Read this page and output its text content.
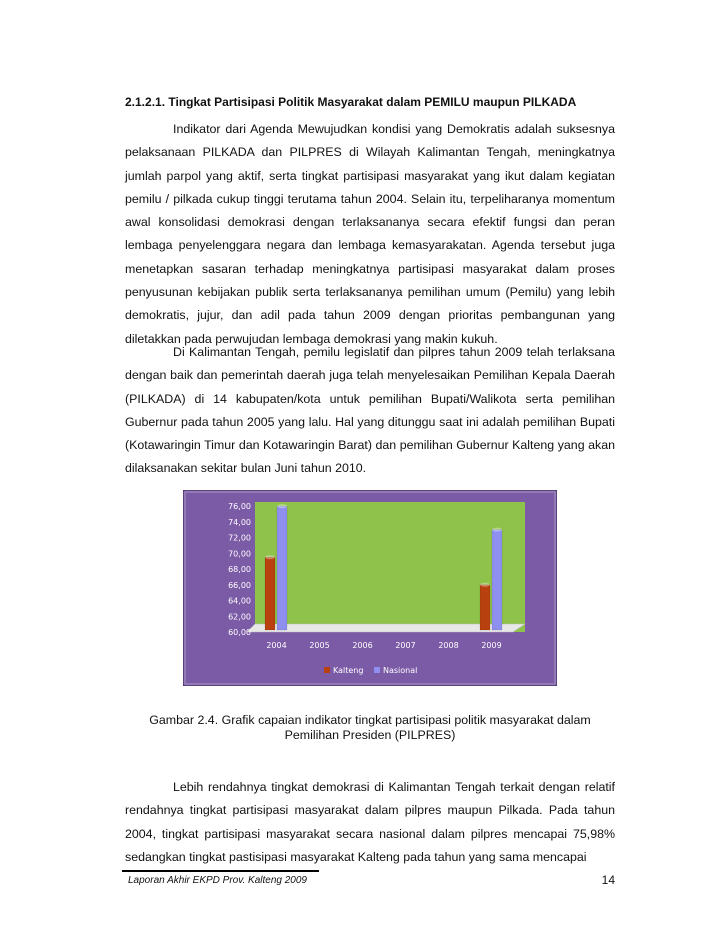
2.1.2.1. Tingkat Partisipasi Politik Masyarakat dalam PEMILU maupun PILKADA

Indikator dari Agenda Mewujudkan kondisi yang Demokratis adalah suksesnya pelaksanaan PILKADA dan PILPRES di Wilayah Kalimantan Tengah, meningkatnya jumlah parpol yang aktif, serta tingkat partisipasi masyarakat yang ikut dalam kegiatan pemilu / pilkada cukup tinggi terutama tahun 2004. Selain itu, terpeliharanya momentum awal konsolidasi demokrasi dengan terlaksananya secara efektif fungsi dan peran lembaga penyelenggara negara dan lembaga kemasyarakatan. Agenda tersebut juga menetapkan sasaran terhadap meningkatnya partisipasi masyarakat dalam proses penyusunan kebijakan publik serta terlaksananya pemilihan umum (Pemilu) yang lebih demokratis, jujur, dan adil pada tahun 2009 dengan prioritas pembangunan yang diletakkan pada perwujudan lembaga demokrasi yang makin kukuh.

Di Kalimantan Tengah, pemilu legislatif dan pilpres tahun 2009 telah terlaksana dengan baik dan pemerintah daerah juga telah menyelesaikan Pemilihan Kepala Daerah (PILKADA) di 14 kabupaten/kota untuk pemilihan Bupati/Walikota serta pemilihan Gubernur pada tahun 2005 yang lalu. Hal yang ditunggu saat ini adalah pemilihan Bupati (Kotawaringin Timur dan Kotawaringin Barat) dan pemilihan Gubernur Kalteng yang akan dilaksanakan sekitar bulan Juni tahun 2010.

60,00
62,00
64,00
66,00
68,00
70,00
72,00
74,00
76,00
2004	2005	2006	2007	2008	2009
Kalteng Nasional
Gambar 2.4. Grafik capaian indikator tingkat partisipasi politik masyarakat dalam
Pemilihan Presiden (PILPRES)

Lebih rendahnya tingkat demokrasi di Kalimantan Tengah terkait dengan relatif rendahnya tingkat partisipasi masyarakat dalam pilpres maupun Pilkada. Pada tahun 2004, tingkat partisipasi masyarakat secara nasional dalam pilpres mencapai 75,98% sedangkan tingkat pastisipasi masyarakat Kalteng pada tahun yang sama mencapai

Laporan Akhir EKPD Prov. Kalteng 2009	14
